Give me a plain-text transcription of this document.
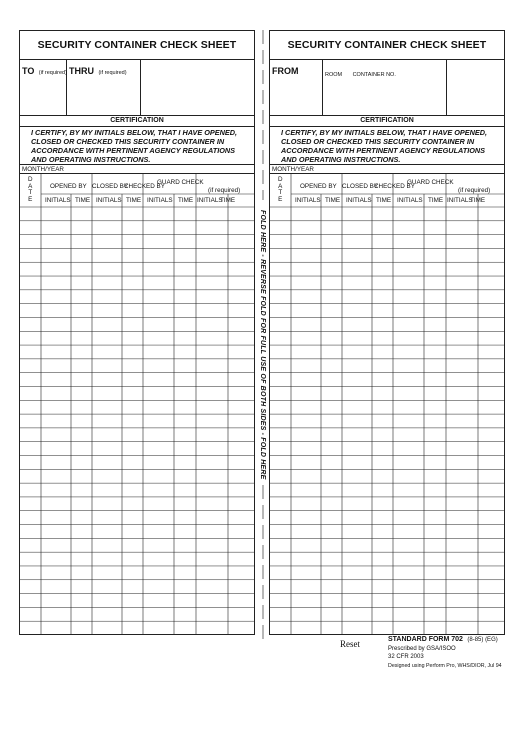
SECURITY CONTAINER CHECK SHEET
TO (if required) THRU (if required)
CERTIFICATION
I CERTIFY, BY MY INITIALS BELOW, THAT I HAVE OPENED, CLOSED OR CHECKED THIS SECURITY CONTAINER IN ACCORDANCE WITH PERTINENT AGENCY REGULATIONS AND OPERATING INSTRUCTIONS.
MONTH/YEAR
D
A
T
E
OPENED BY CLOSED BY
CHECKED BY
GUARD CHECK
(if required)
INITIALS TIME INITIALS TIME INITIALS TIME INITIALS
TIME
SECURITY CONTAINER CHECK SHEET
FROM	ROOM CONTAINER NO.
CERTIFICATION
I CERTIFY, BY MY INITIALS BELOW, THAT I HAVE OPENED, CLOSED OR CHECKED THIS SECURITY CONTAINER IN ACCORDANCE WITH PERTINENT AGENCY REGULATIONS AND OPERATING INSTRUCTIONS.
MONTH/YEAR
D
A
T
E
OPENED BY CLOSED BY
CHECKED BY
GUARD CHECK
(if required)
INITIALS TIME INITIALS TIME INITIALS TIME INITIALS
TIME
FOLD HERE - REVERSE FOLD FOR FULL USE OF BOTH SIDES - FOLD HERE
Reset	STANDARD FORM 702 (8-85) (EG)
Prescribed by GSA/ISOO
32 CFR 2003
Designed using Perform Pro, WHS/DIOR, Jul 94
